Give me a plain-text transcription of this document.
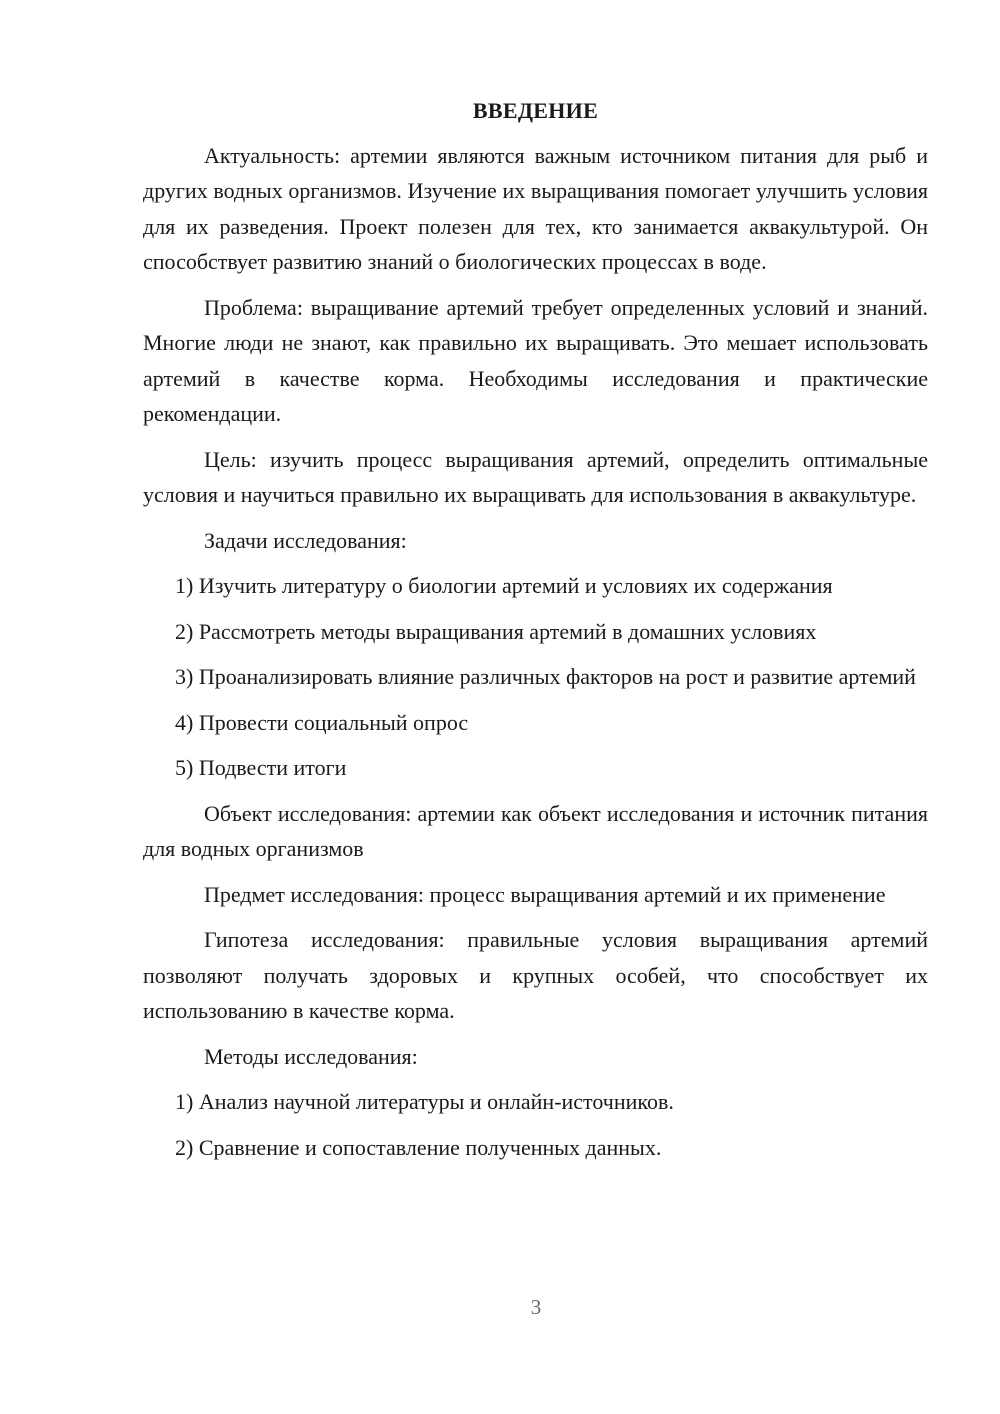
ВВЕДЕНИЕ

Актуальность: артемии являются важным источником питания для рыб и других водных организмов. Изучение их выращивания помогает улучшить условия для их разведения. Проект полезен для тех, кто занимается аквакультурой. Он способствует развитию знаний о биологических процессах в воде.

Проблема: выращивание артемий требует определенных условий и знаний. Многие люди не знают, как правильно их выращивать. Это мешает использовать артемий в качестве корма. Необходимы исследования и практические рекомендации.

Цель: изучить процесс выращивания артемий, определить оптимальные условия и научиться правильно их выращивать для использования в аквакультуре.

Задачи исследования:

1) Изучить литературу о биологии артемий и условиях их содержания

2) Рассмотреть методы выращивания артемий в домашних условиях

3) Проанализировать влияние различных факторов на рост и развитие артемий

4) Провести социальный опрос

5) Подвести итоги

Объект исследования: артемии как объект исследования и источник питания для водных организмов

Предмет исследования: процесс выращивания артемий и их применение

Гипотеза исследования: правильные условия выращивания артемий позволяют получать здоровых и крупных особей, что способствует их использованию в качестве корма.

Методы исследования:

1) Анализ научной литературы и онлайн-источников.

2) Сравнение и сопоставление полученных данных.

3
